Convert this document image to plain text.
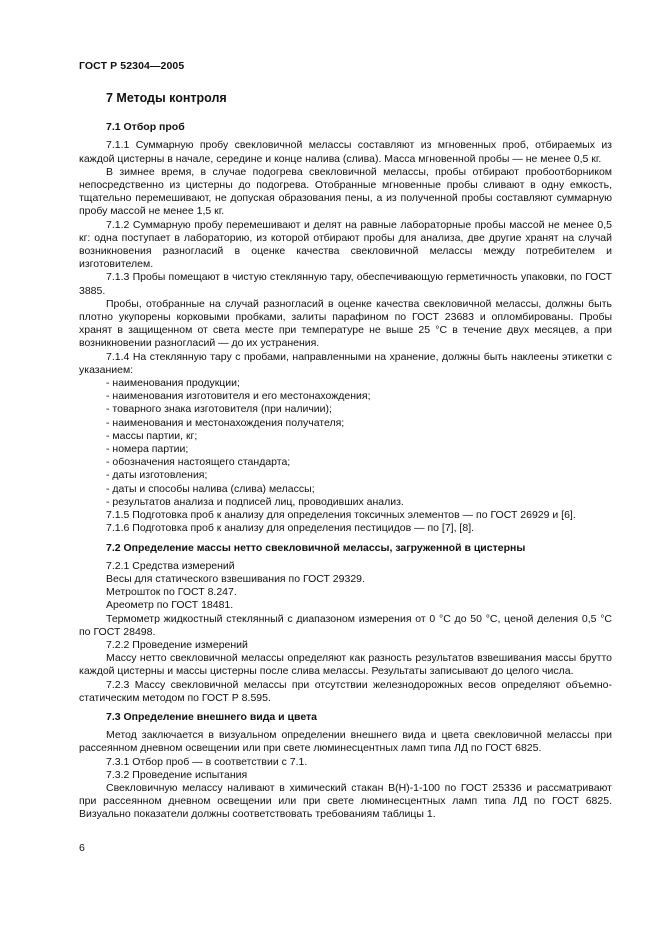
ГОСТ Р 52304—2005
7 Методы контроля
7.1 Отбор проб

7.1.1 Суммарную пробу свекловичной мелассы составляют из мгновенных проб, отбираемых из каждой цистерны в начале, середине и конце налива (слива). Масса мгновенной пробы — не менее 0,5 кг.

В зимнее время, в случае подогрева свекловичной мелассы, пробы отбирают пробоотборником непосредственно из цистерны до подогрева. Отобранные мгновенные пробы сливают в одну емкость, тщательно перемешивают, не допуская образования пены, а из полученной пробы составляют суммарную пробу массой не менее 1,5 кг.

7.1.2 Суммарную пробу перемешивают и делят на равные лабораторные пробы массой не менее 0,5 кг: одна поступает в лабораторию, из которой отбирают пробы для анализа, две другие хранят на случай возникновения разногласий в оценке качества свекловичной мелассы между потребителем и изготовителем.

7.1.3 Пробы помещают в чистую стеклянную тару, обеспечивающую герметичность упаковки, по ГОСТ 3885.

Пробы, отобранные на случай разногласий в оценке качества свекловичной мелассы, должны быть плотно укупорены корковыми пробками, залиты парафином по ГОСТ 23683 и опломбированы. Пробы хранят в защищенном от света месте при температуре не выше 25 °С в течение двух месяцев, а при возникновении разногласий — до их устранения.

7.1.4 На стеклянную тару с пробами, направленными на хранение, должны быть наклеены этикетки с указанием:

- наименования продукции;
- наименования изготовителя и его местонахождения;
- товарного знака изготовителя (при наличии);
- наименования и местонахождения получателя;
- массы партии, кг;
- номера партии;
- обозначения настоящего стандарта;
- даты изготовления;
- даты и способы налива (слива) мелассы;
- результатов анализа и подписей лиц, проводивших анализ.

7.1.5 Подготовка проб к анализу для определения токсичных элементов — по ГОСТ 26929 и [6].

7.1.6 Подготовка проб к анализу для определения пестицидов — по [7], [8].

7.2 Определение массы нетто свекловичной мелассы, загруженной в цистерны

7.2.1 Средства измерений

Весы для статического взвешивания по ГОСТ 29329.

Метрошток по ГОСТ 8.247.

Ареометр по ГОСТ 18481.

Термометр жидкостный стеклянный с диапазоном измерения от 0 °С до 50 °С, ценой деления 0,5 °С по ГОСТ 28498.

7.2.2 Проведение измерений

Массу нетто свекловичной мелассы определяют как разность результатов взвешивания массы брутто каждой цистерны и массы цистерны после слива мелассы. Результаты записывают до целого числа.

7.2.3 Массу свекловичной мелассы при отсутствии железнодорожных весов определяют объемно-статическим методом по ГОСТ Р 8.595.

7.3 Определение внешнего вида и цвета

Метод заключается в визуальном определении внешнего вида и цвета свекловичной мелассы при рассеянном дневном освещении или при свете люминесцентных ламп типа ЛД по ГОСТ 6825.

7.3.1 Отбор проб — в соответствии с 7.1.

7.3.2 Проведение испытания

Свекловичную мелассу наливают в химический стакан В(Н)-1-100 по ГОСТ 25336 и рассматривают при рассеянном дневном освещении или при свете люминесцентных ламп типа ЛД по ГОСТ 6825. Визуально показатели должны соответствовать требованиям таблицы 1.

6
